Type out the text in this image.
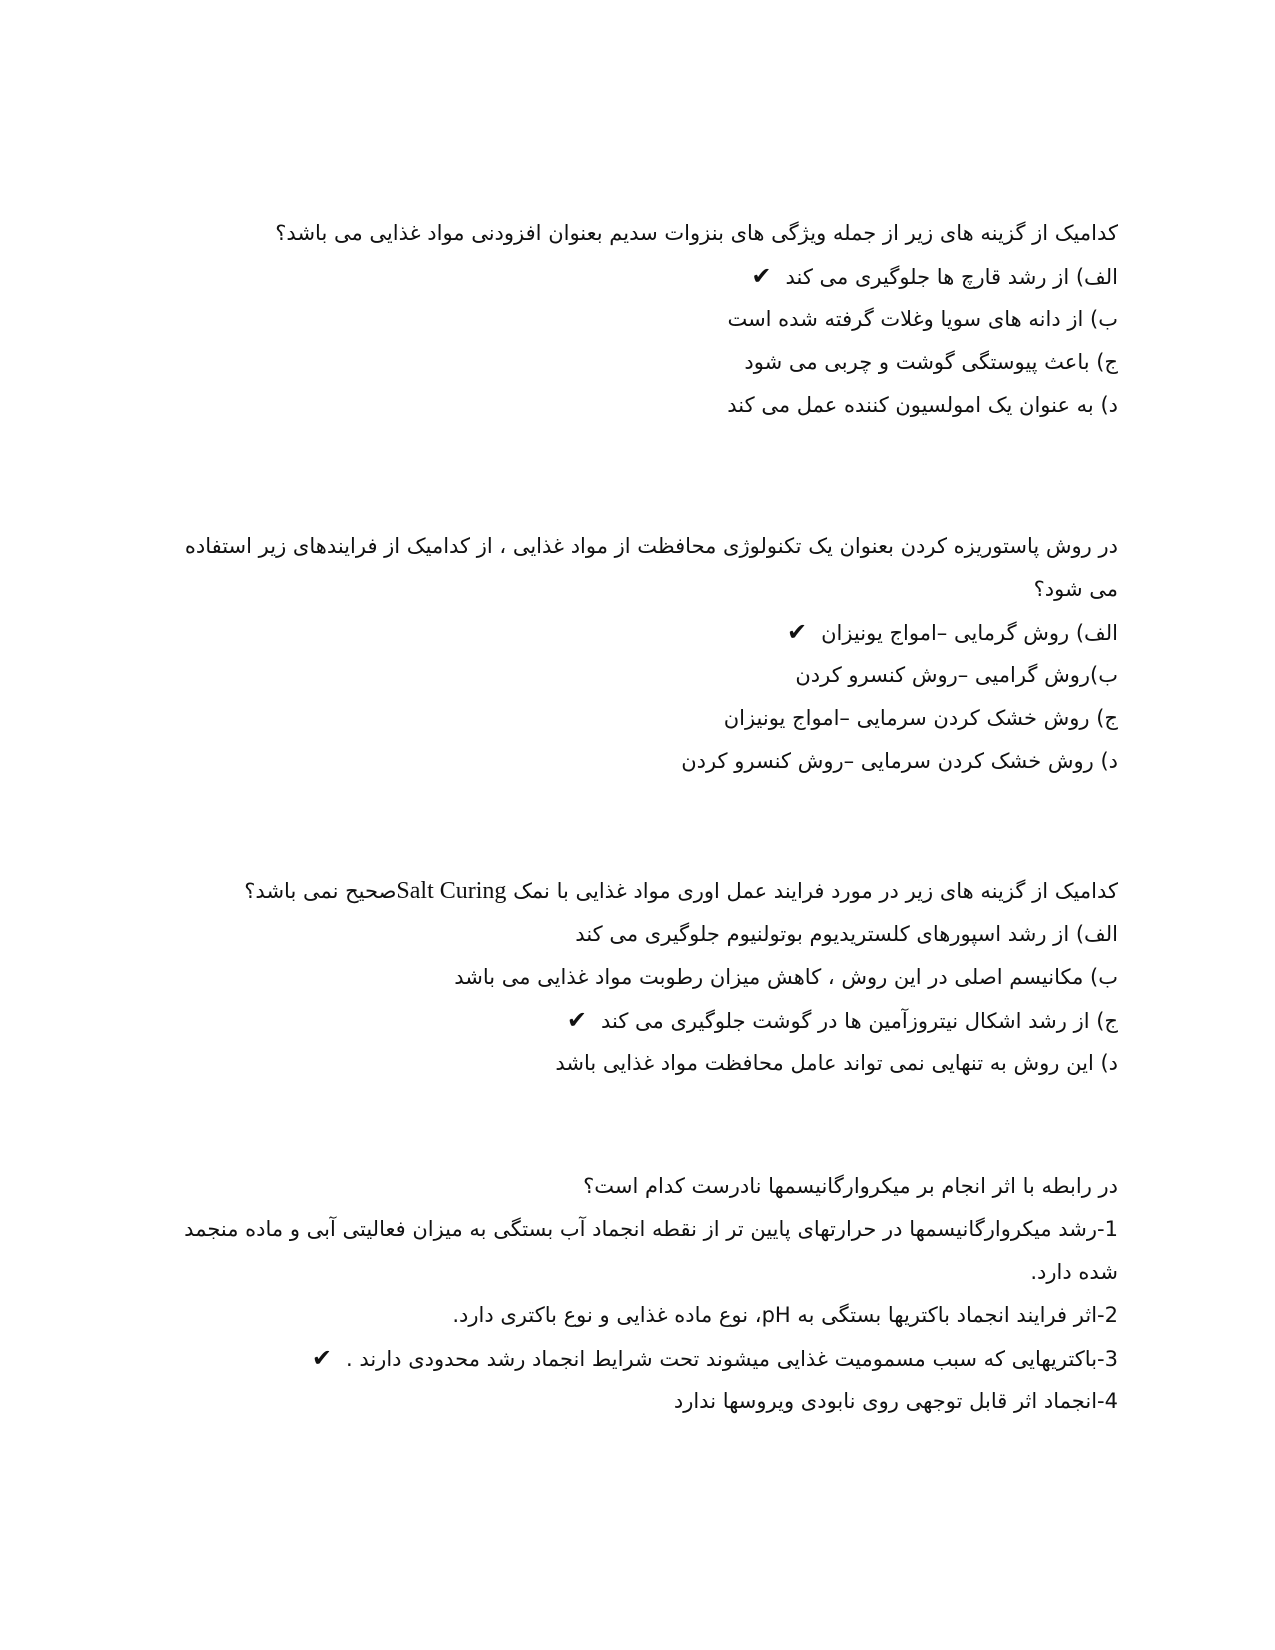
کدامیک از گزینه های زیر از جمله ویژگی های بنزوات سدیم بعنوان افزودنی مواد غذایی می باشد؟
الف) از رشد قارچ ها جلوگیری می کند✔
ب) از دانه های سویا وغلات گرفته شده است
ج) باعث پیوستگی گوشت و چربی می شود
د) به عنوان یک امولسیون کننده عمل می کند
در روش پاستوریزه کردن بعنوان یک تکنولوژی محافظت از مواد غذایی ، از کدامیک از فرایندهای زیر استفاده می شود؟
الف) روش گرمایی –امواج یونیزان✔
ب)روش گرامیی –روش کنسرو کردن
ج) روش خشک کردن سرمایی –امواج یونیزان
د) روش خشک کردن سرمایی –روش کنسرو کردن
کدامیک از گزینه های زیر در مورد فرایند عمل اوری مواد غذایی با نمک Salt Curingصحیح نمی باشد؟
الف) از رشد اسپورهای کلستریدیوم بوتولنیوم جلوگیری می کند
ب) مکانیسم اصلی در این روش ، کاهش میزان رطوبت مواد غذایی می باشد
ج) از رشد اشکال نیتروزآمین ها در گوشت جلوگیری می کند✔
د) این روش به تنهایی نمی تواند عامل محافظت مواد غذایی باشد
در رابطه با اثر انجام بر میکروارگانیسمها نادرست کدام است؟
1-رشد میکروارگانیسمها در حرارتهای پایین تر از نقطه انجماد آب بستگی به میزان فعالیتی آبی و ماده منجمد شده دارد.
2-اثر فرایند انجماد باکتریها بستگی به pH، نوع ماده غذایی و نوع باکتری دارد.
3-باکتریهایی که سبب مسمومیت غذایی میشوند تحت شرایط انجماد رشد محدودی دارند .✔
4-انجماد اثر قابل توجهی روی نابودی ویروسها ندارد
